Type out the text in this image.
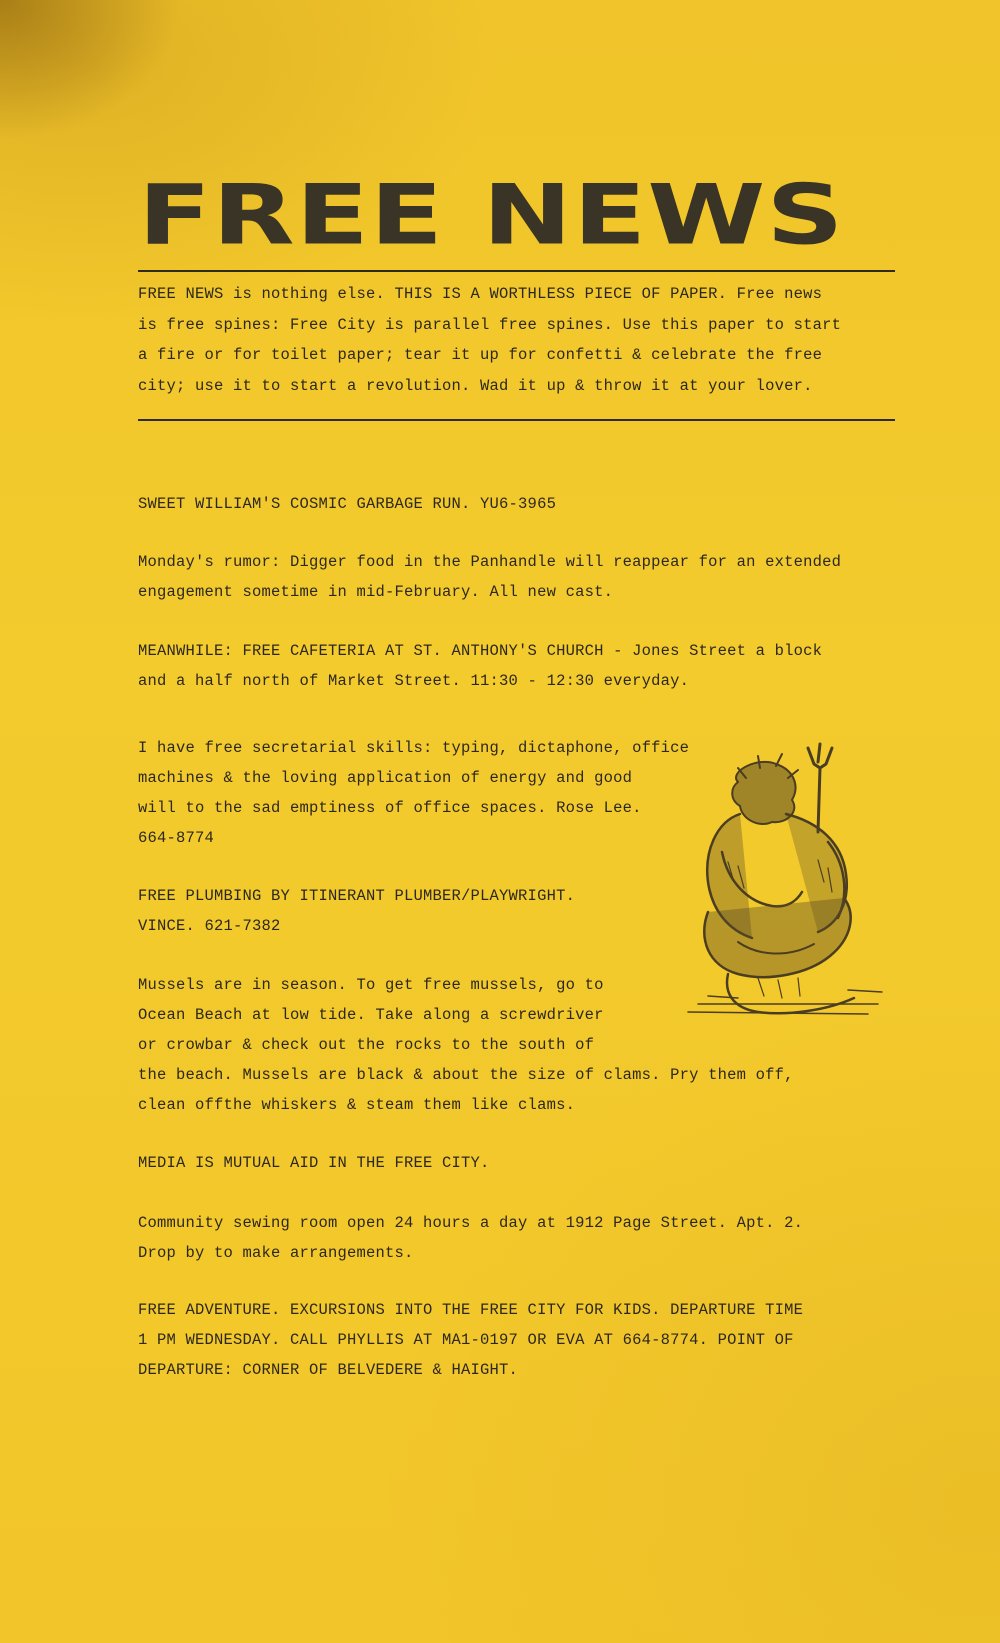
FREE NEWS
FREE NEWS is nothing else. THIS IS A WORTHLESS PIECE OF PAPER. Free news
is free spines: Free City is parallel free spines. Use this paper to start
a fire or for toilet paper; tear it up for confetti & celebrate the free
city; use it to start a revolution. Wad it up & throw it at your lover.
SWEET WILLIAM'S COSMIC GARBAGE RUN. YU6-3965
Monday's rumor: Digger food in the Panhandle will reappear for an extended
engagement sometime in mid-February. All new cast.
MEANWHILE: FREE CAFETERIA AT ST. ANTHONY'S CHURCH - Jones Street a block
and a half north of Market Street. 11:30 - 12:30 everyday.
I have free secretarial skills: typing, dictaphone, office
machines & the loving application of energy and good
will to the sad emptiness of office spaces. Rose Lee.
664-8774
FREE PLUMBING BY ITINERANT PLUMBER/PLAYWRIGHT.
VINCE. 621-7382
Mussels are in season. To get free mussels, go to
Ocean Beach at low tide. Take along a screwdriver
or crowbar & check out the rocks to the south of
the beach. Mussels are black & about the size of clams. Pry them off,
clean offthe whiskers & steam them like clams.
MEDIA IS MUTUAL AID IN THE FREE CITY.
Community sewing room open 24 hours a day at 1912 Page Street. Apt. 2.
Drop by to make arrangements.
FREE ADVENTURE. EXCURSIONS INTO THE FREE CITY FOR KIDS. DEPARTURE TIME
1 PM WEDNESDAY. CALL PHYLLIS AT MA1-0197 OR EVA AT 664-8774. POINT OF
DEPARTURE: CORNER OF BELVEDERE & HAIGHT.
